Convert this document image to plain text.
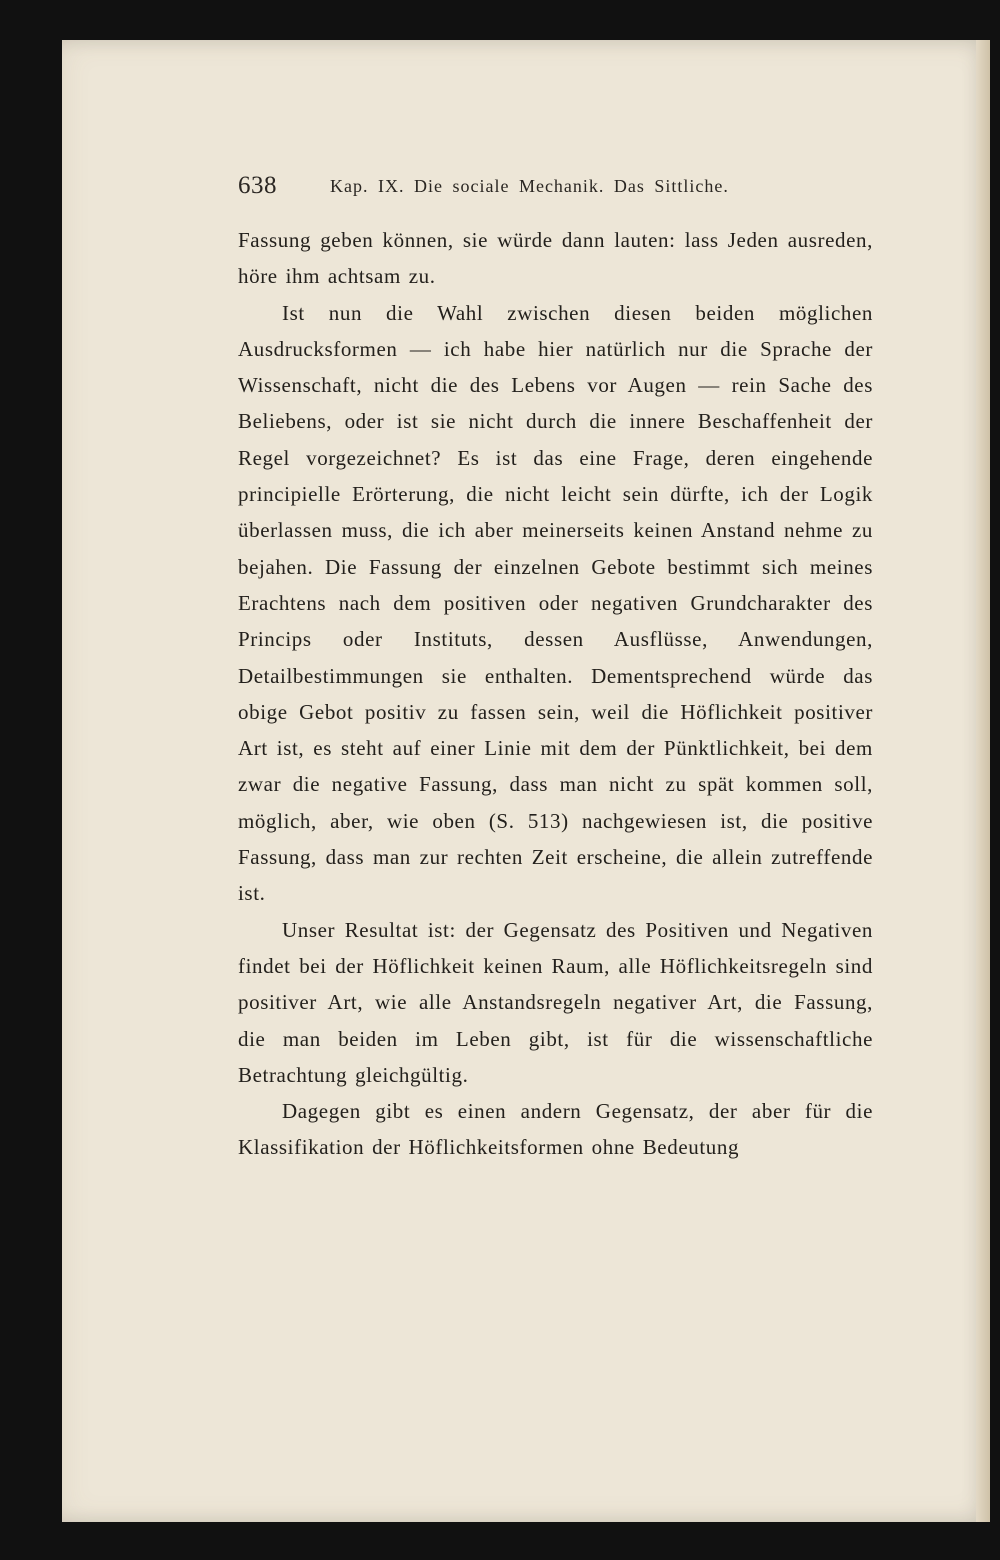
638	Kap. IX. Die sociale Mechanik. Das Sittliche.

Fassung geben können, sie würde dann lauten: lass Jeden ausreden, höre ihm achtsam zu.

Ist nun die Wahl zwischen diesen beiden möglichen Ausdrucksformen — ich habe hier natürlich nur die Sprache der Wissenschaft, nicht die des Lebens vor Augen — rein Sache des Beliebens, oder ist sie nicht durch die innere Beschaffenheit der Regel vorgezeichnet? Es ist das eine Frage, deren eingehende principielle Erörterung, die nicht leicht sein dürfte, ich der Logik überlassen muss, die ich aber meinerseits keinen Anstand nehme zu bejahen. Die Fassung der einzelnen Gebote bestimmt sich meines Erachtens nach dem positiven oder negativen Grundcharakter des Princips oder Instituts, dessen Ausflüsse, Anwendungen, Detailbestimmungen sie enthalten. Dementsprechend würde das obige Gebot positiv zu fassen sein, weil die Höflichkeit positiver Art ist, es steht auf einer Linie mit dem der Pünktlichkeit, bei dem zwar die negative Fassung, dass man nicht zu spät kommen soll, möglich, aber, wie oben (S. 513) nachgewiesen ist, die positive Fassung, dass man zur rechten Zeit erscheine, die allein zutreffende ist.

Unser Resultat ist: der Gegensatz des Positiven und Negativen findet bei der Höflichkeit keinen Raum, alle Höflichkeitsregeln sind positiver Art, wie alle Anstandsregeln negativer Art, die Fassung, die man beiden im Leben gibt, ist für die wissenschaftliche Betrachtung gleichgültig.

Dagegen gibt es einen andern Gegensatz, der aber für die Klassifikation der Höflichkeitsformen ohne Bedeutung
